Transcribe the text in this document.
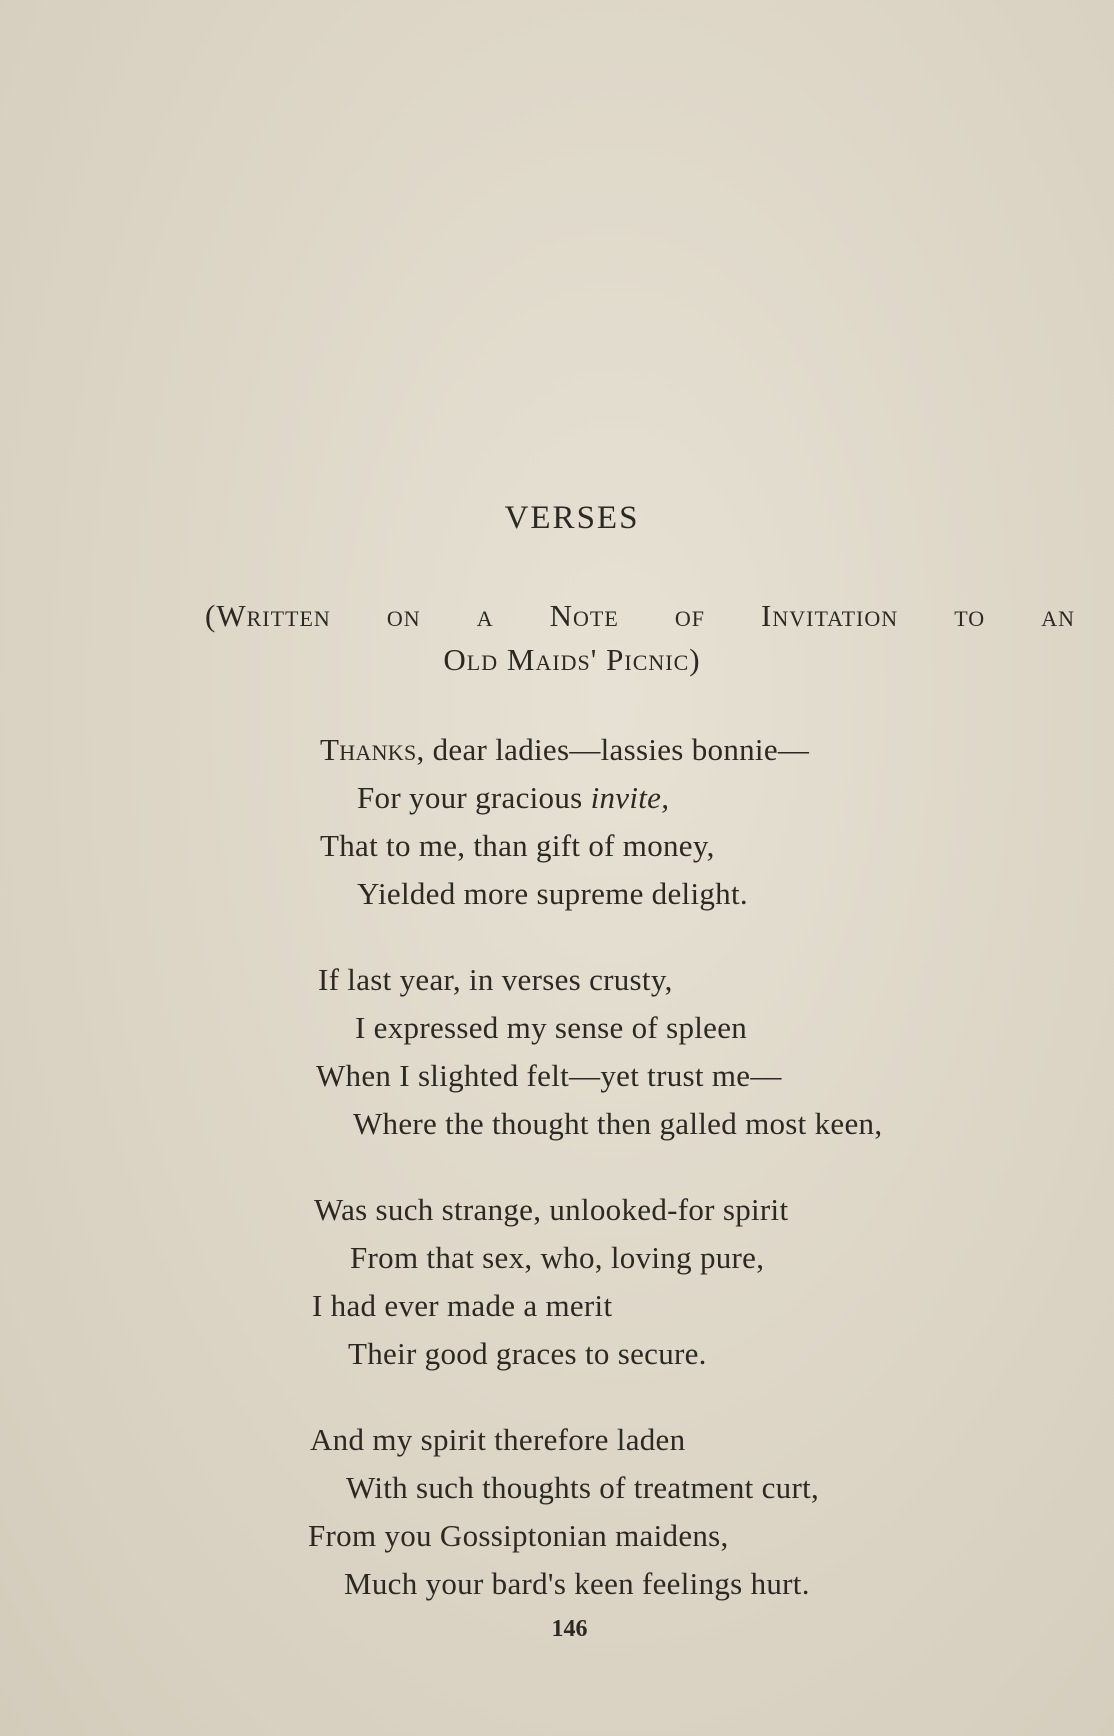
VERSES
(Written on a Note of Invitation to an
Old Maids' Picnic)
Thanks, dear ladies—lassies bonnie—
For your gracious invite,
That to me, than gift of money,
Yielded more supreme delight.
If last year, in verses crusty,
I expressed my sense of spleen
When I slighted felt—yet trust me—
Where the thought then galled most keen,
Was such strange, unlooked-for spirit
From that sex, who, loving pure,
I had ever made a merit
Their good graces to secure.
And my spirit therefore laden
With such thoughts of treatment curt,
From you Gossiptonian maidens,
Much your bard's keen feelings hurt.
146
